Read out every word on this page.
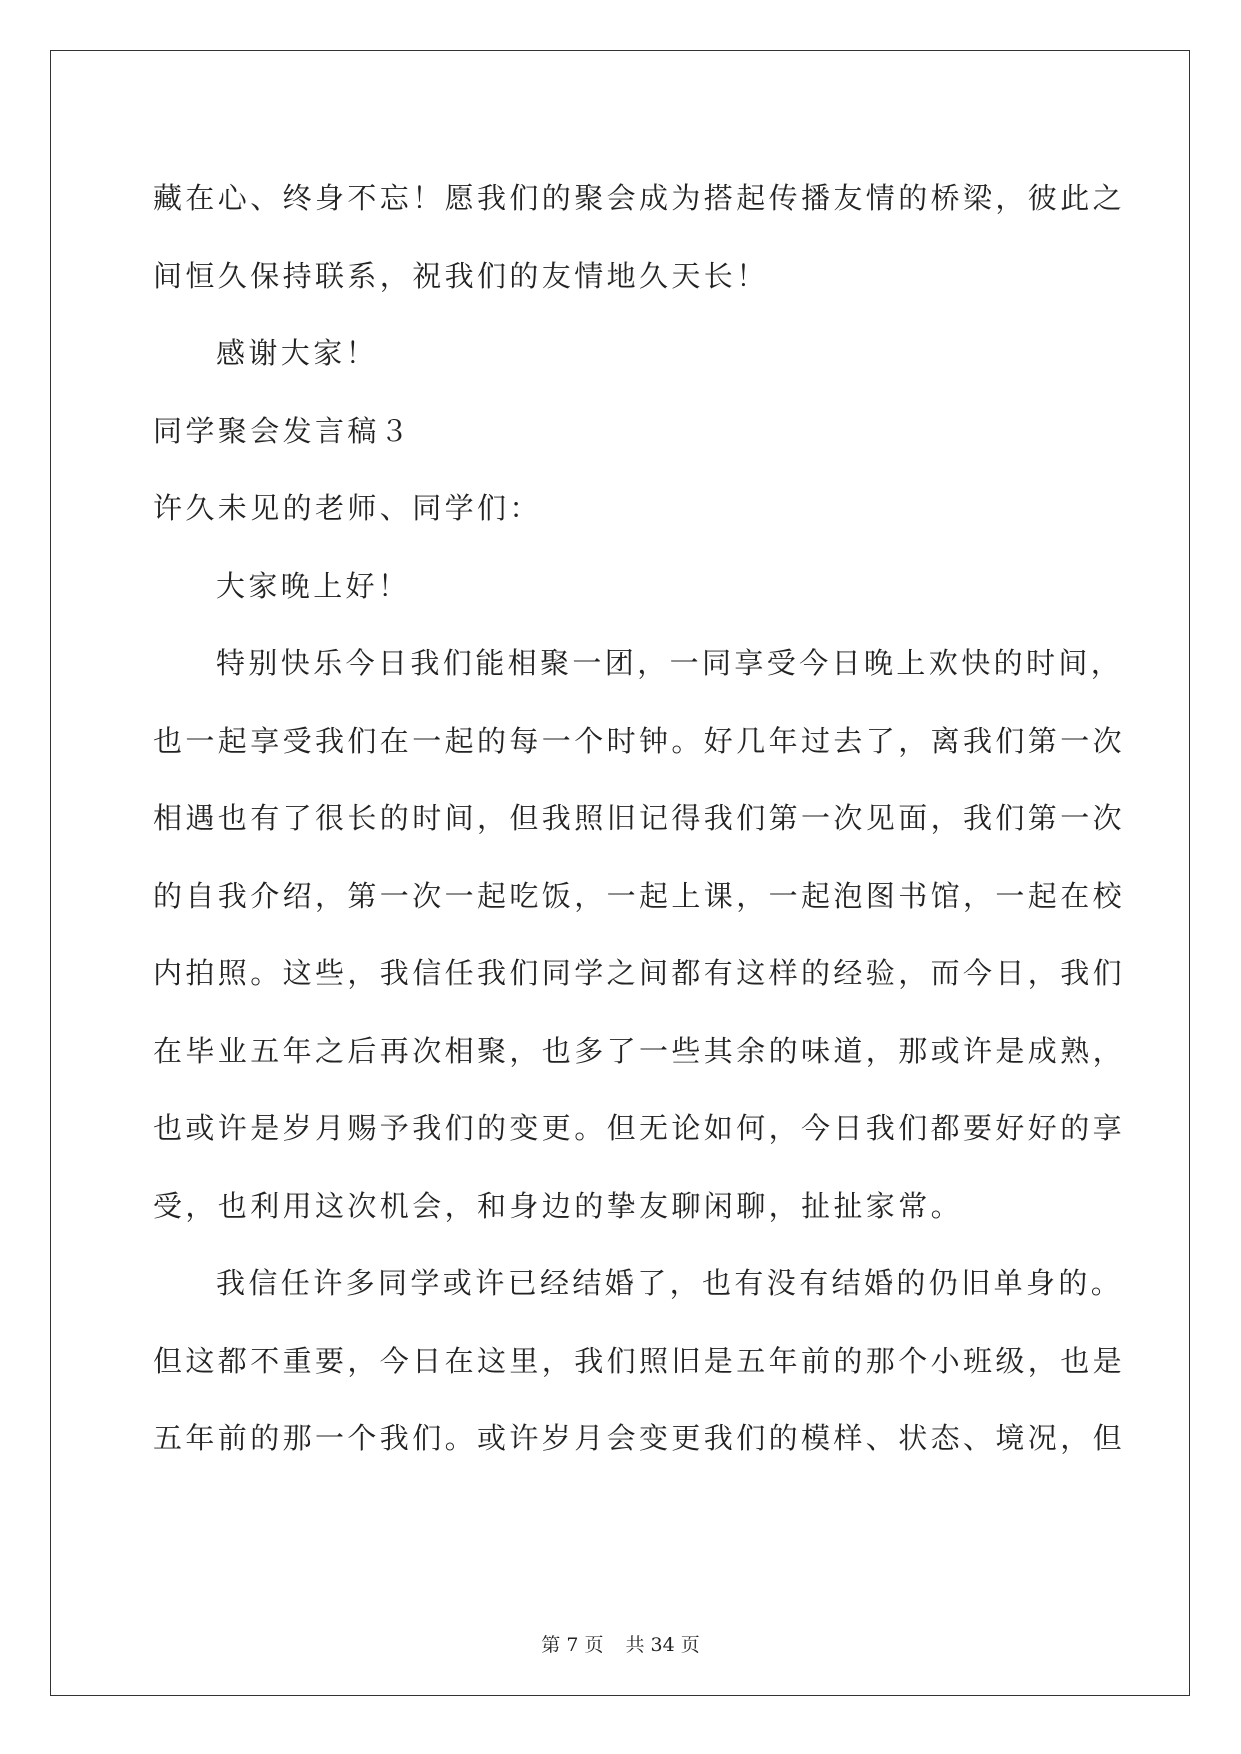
藏在心、终身不忘！愿我们的聚会成为搭起传播友情的桥梁，彼此之
间恒久保持联系，祝我们的友情地久天长！
感谢大家！
同学聚会发言稿３
许久未见的老师、同学们：
大家晚上好！
特别快乐今日我们能相聚一团，一同享受今日晚上欢快的时间，
也一起享受我们在一起的每一个时钟。好几年过去了，离我们第一次
相遇也有了很长的时间，但我照旧记得我们第一次见面，我们第一次
的自我介绍，第一次一起吃饭，一起上课，一起泡图书馆，一起在校
内拍照。这些，我信任我们同学之间都有这样的经验，而今日，我们
在毕业五年之后再次相聚，也多了一些其余的味道，那或许是成熟，
也或许是岁月赐予我们的变更。但无论如何，今日我们都要好好的享
受，也利用这次机会，和身边的挚友聊闲聊，扯扯家常。
我信任许多同学或许已经结婚了，也有没有结婚的仍旧单身的。
但这都不重要，今日在这里，我们照旧是五年前的那个小班级，也是
五年前的那一个我们。或许岁月会变更我们的模样、状态、境况，但
第 7 页 共 34 页
